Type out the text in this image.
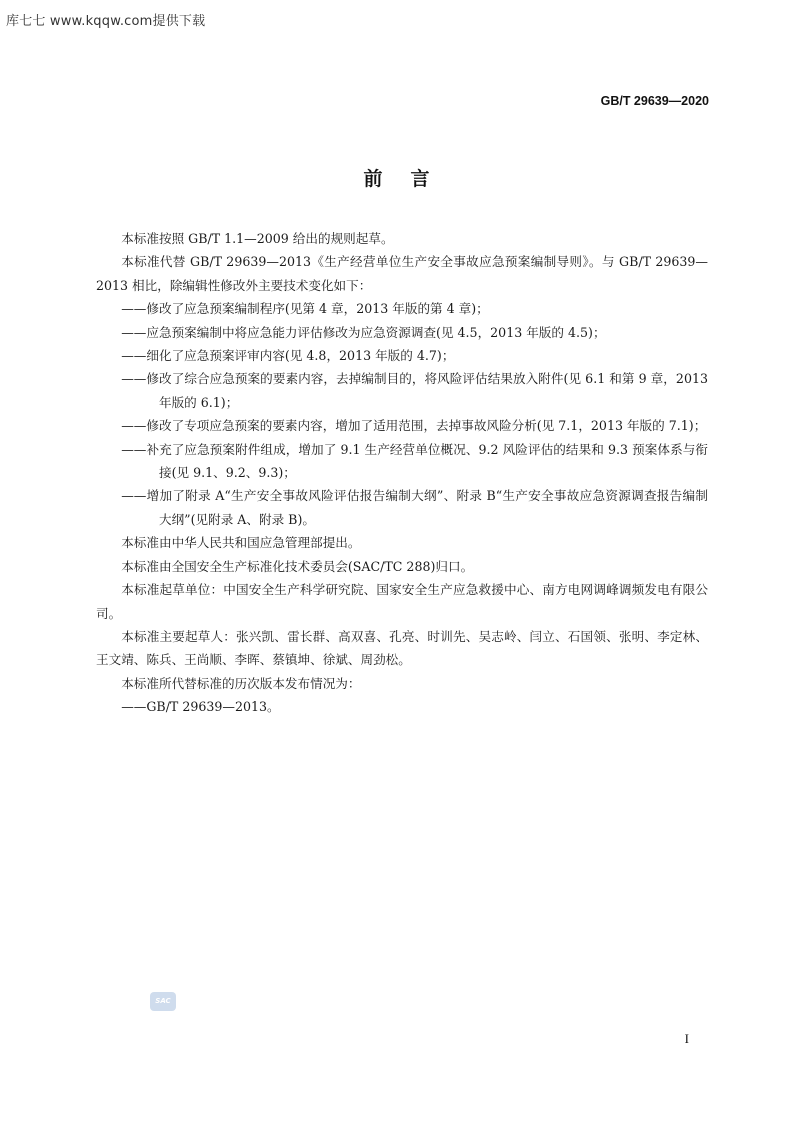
库七七 www.kqqw.com提供下载
GB/T 29639—2020
前言

本标准按照 GB/T 1.1—2009 给出的规则起草。

本标准代替 GB/T 29639—2013《生产经营单位生产安全事故应急预案编制导则》。与 GB/T 29639—2013 相比，除编辑性修改外主要技术变化如下：

——修改了应急预案编制程序(见第 4 章，2013 年版的第 4 章)；

——应急预案编制中将应急能力评估修改为应急资源调查(见 4.5，2013 年版的 4.5)；

——细化了应急预案评审内容(见 4.8，2013 年版的 4.7)；

——修改了综合应急预案的要素内容，去掉编制目的，将风险评估结果放入附件(见 6.1 和第 9 章，2013 年版的 6.1)；

——修改了专项应急预案的要素内容，增加了适用范围，去掉事故风险分析(见 7.1，2013 年版的 7.1)；

——补充了应急预案附件组成，增加了 9.1 生产经营单位概况、9.2 风险评估的结果和 9.3 预案体系与衔接(见 9.1、9.2、9.3)；

——增加了附录 A“生产安全事故风险评估报告编制大纲”、附录 B“生产安全事故应急资源调查报告编制大纲”(见附录 A、附录 B)。

本标准由中华人民共和国应急管理部提出。

本标准由全国安全生产标准化技术委员会(SAC/TC 288)归口。

本标准起草单位：中国安全生产科学研究院、国家安全生产应急救援中心、南方电网调峰调频发电有限公司。

本标准主要起草人：张兴凯、雷长群、高双喜、孔亮、时训先、吴志岭、闫立、石国领、张明、李定林、王文靖、陈兵、王尚顺、李晖、蔡镇坤、徐斌、周劲松。

本标准所代替标准的历次版本发布情况为：

——GB/T 29639—2013。

SAC
I
